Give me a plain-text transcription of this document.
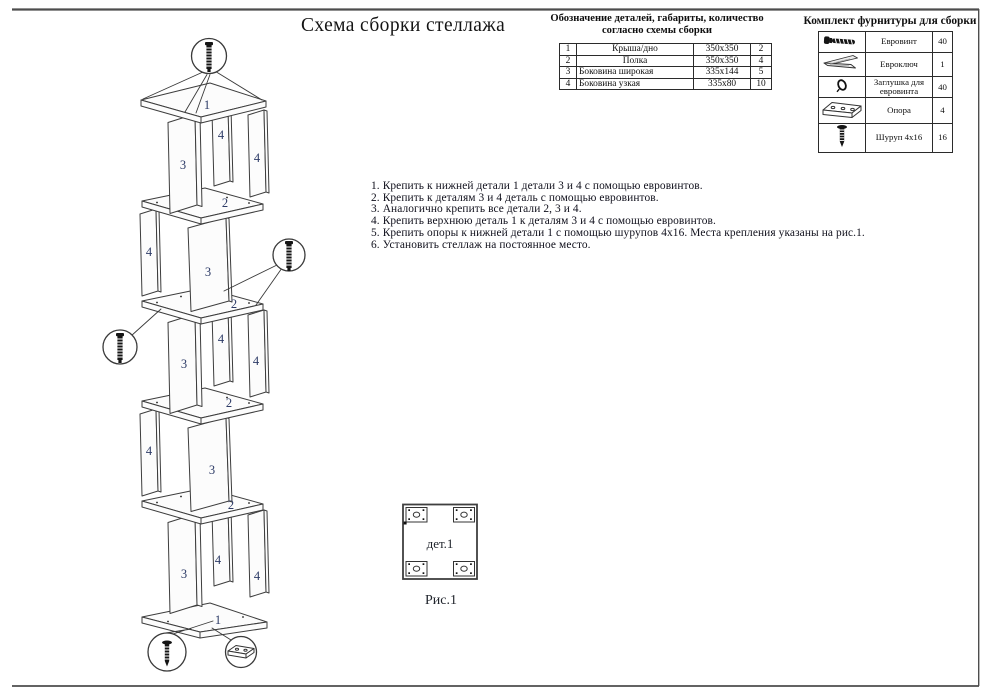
1
4
3	4
2
4
3
2
3
4
4
2
4
3
2
3
4
4
1
дет.1
Рис.1
Схема сборки стеллажа	Обозначение деталей, габариты, количество
согласно схемы сборки
1	Крыша/дно	350x350	2
2	Полка	350x350	4
3	Боковина широкая	335x144	5
4	Боковина узкая	335x80	10
Комплект фурнитуры для сборки
	Евровинт	40
	Евроключ	1
	Заглушка для евровинта	40
	Опора	4
	Шуруп 4x16	16
1. Крепить к нижней детали 1 детали 3 и 4 с помощью евровинтов.
2. Крепить к деталям 3 и 4 деталь с помощью евровинтов.
3. Аналогично крепить все детали 2, 3 и 4.
4. Крепить верхнюю деталь 1 к деталям 3 и 4 с помощью евровинтов.
5. Крепить опоры к нижней детали 1 с помощью шурупов 4x16. Места крепления указаны на рис.1.
6. Установить стеллаж на постоянное место.
